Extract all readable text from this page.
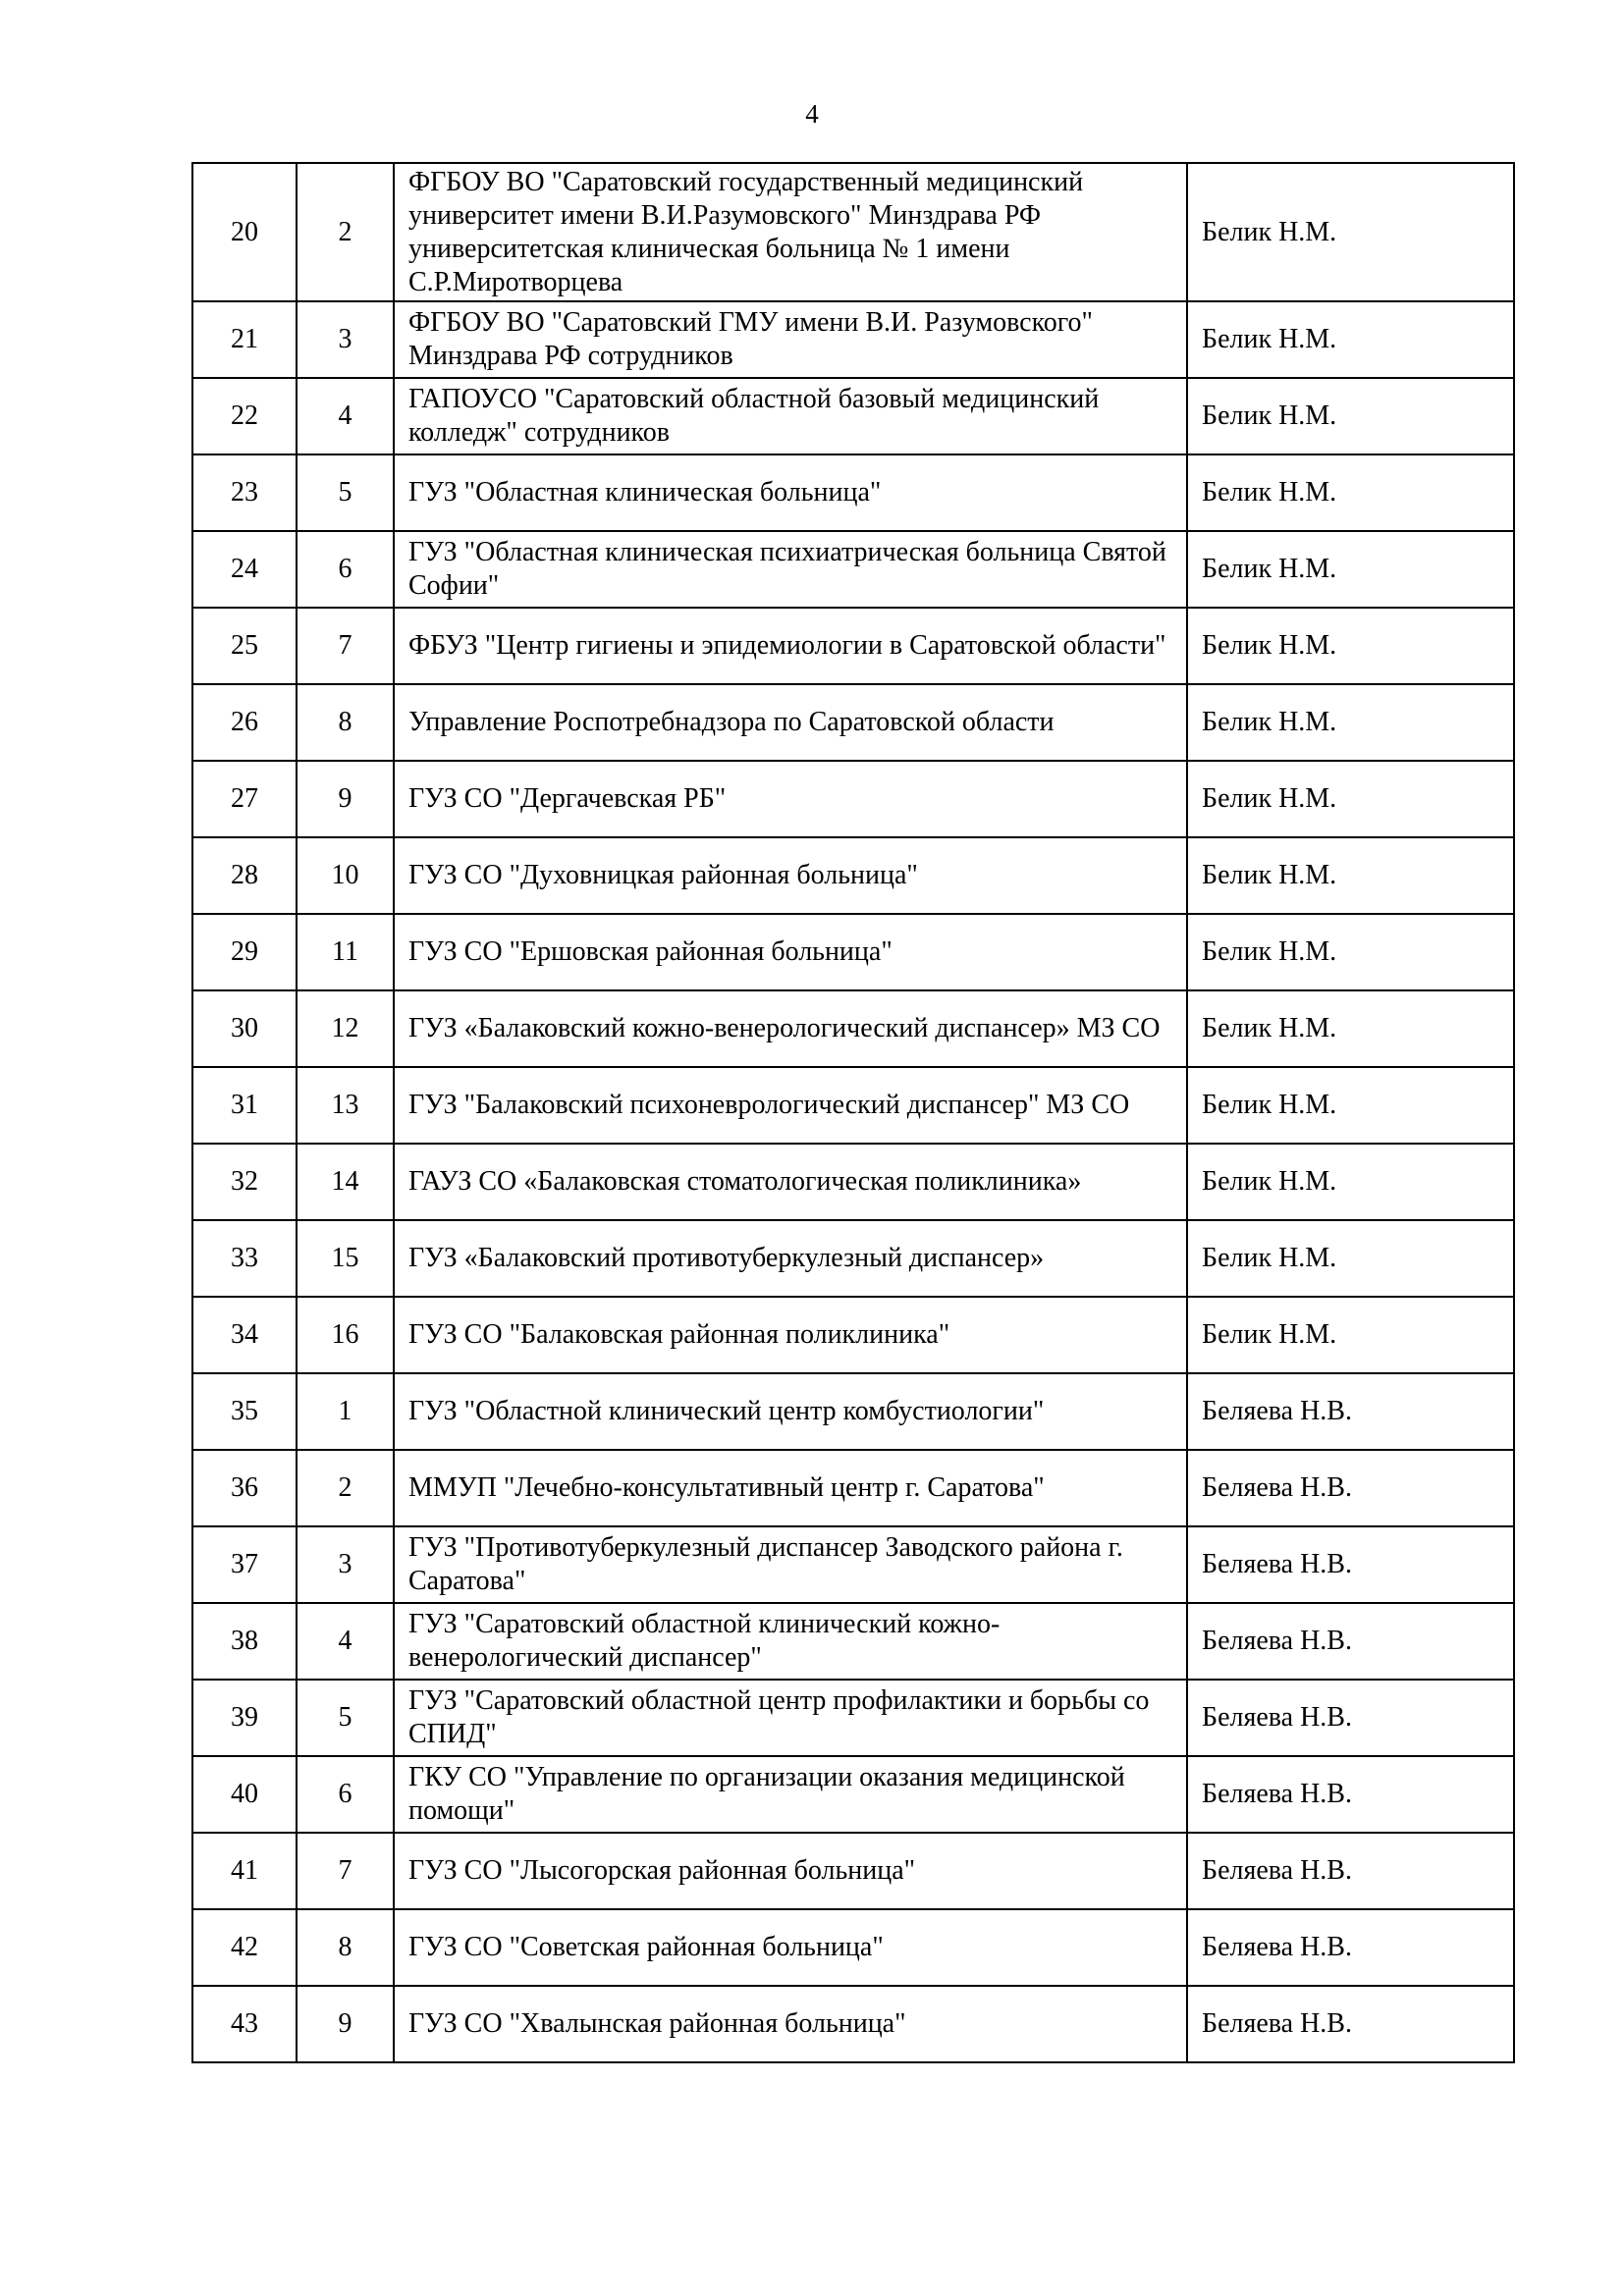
4
20	2	ФГБОУ ВО "Саратовский государственный медицинский университет имени В.И.Разумовского" Минздрава РФ университетская клиническая больница № 1 имени С.Р.Миротворцева	Белик Н.М.
21	3	ФГБОУ ВО "Саратовский ГМУ имени В.И. Разумовского" Минздрава РФ сотрудников	Белик Н.М.
22	4	ГАПОУСО "Саратовский областной базовый медицинский колледж" сотрудников	Белик Н.М.
23	5	ГУЗ "Областная клиническая больница"	Белик Н.М.
24	6	ГУЗ "Областная клиническая психиатрическая больница Святой Софии"	Белик Н.М.
25	7	ФБУЗ "Центр гигиены и эпидемиологии в Саратовской области"	Белик Н.М.
26	8	Управление Роспотребнадзора по Саратовской области	Белик Н.М.
27	9	ГУЗ СО "Дергачевская РБ"	Белик Н.М.
28	10	ГУЗ СО "Духовницкая районная больница"	Белик Н.М.
29	11	ГУЗ СО "Ершовская районная больница"	Белик Н.М.
30	12	ГУЗ «Балаковский кожно-венерологический диспансер» МЗ СО	Белик Н.М.
31	13	ГУЗ "Балаковский психоневрологический диспансер" МЗ СО	Белик Н.М.
32	14	ГАУЗ СО «Балаковская стоматологическая поликлиника»	Белик Н.М.
33	15	ГУЗ «Балаковский противотуберкулезный диспансер»	Белик Н.М.
34	16	ГУЗ СО "Балаковская районная поликлиника"	Белик Н.М.
35	1	ГУЗ "Областной клинический центр комбустиологии"	Беляева Н.В.
36	2	ММУП "Лечебно-консультативный центр г. Саратова"	Беляева Н.В.
37	3	ГУЗ "Противотуберкулезный диспансер Заводского района г. Саратова"	Беляева Н.В.
38	4	ГУЗ "Саратовский областной клинический кожно-венерологический диспансер"	Беляева Н.В.
39	5	ГУЗ "Саратовский областной центр профилактики и борьбы со СПИД"	Беляева Н.В.
40	6	ГКУ СО "Управление по организации оказания медицинской помощи"	Беляева Н.В.
41	7	ГУЗ СО "Лысогорская районная больница"	Беляева Н.В.
42	8	ГУЗ СО "Советская районная больница"	Беляева Н.В.
43	9	ГУЗ СО "Хвалынская районная больница"	Беляева Н.В.
